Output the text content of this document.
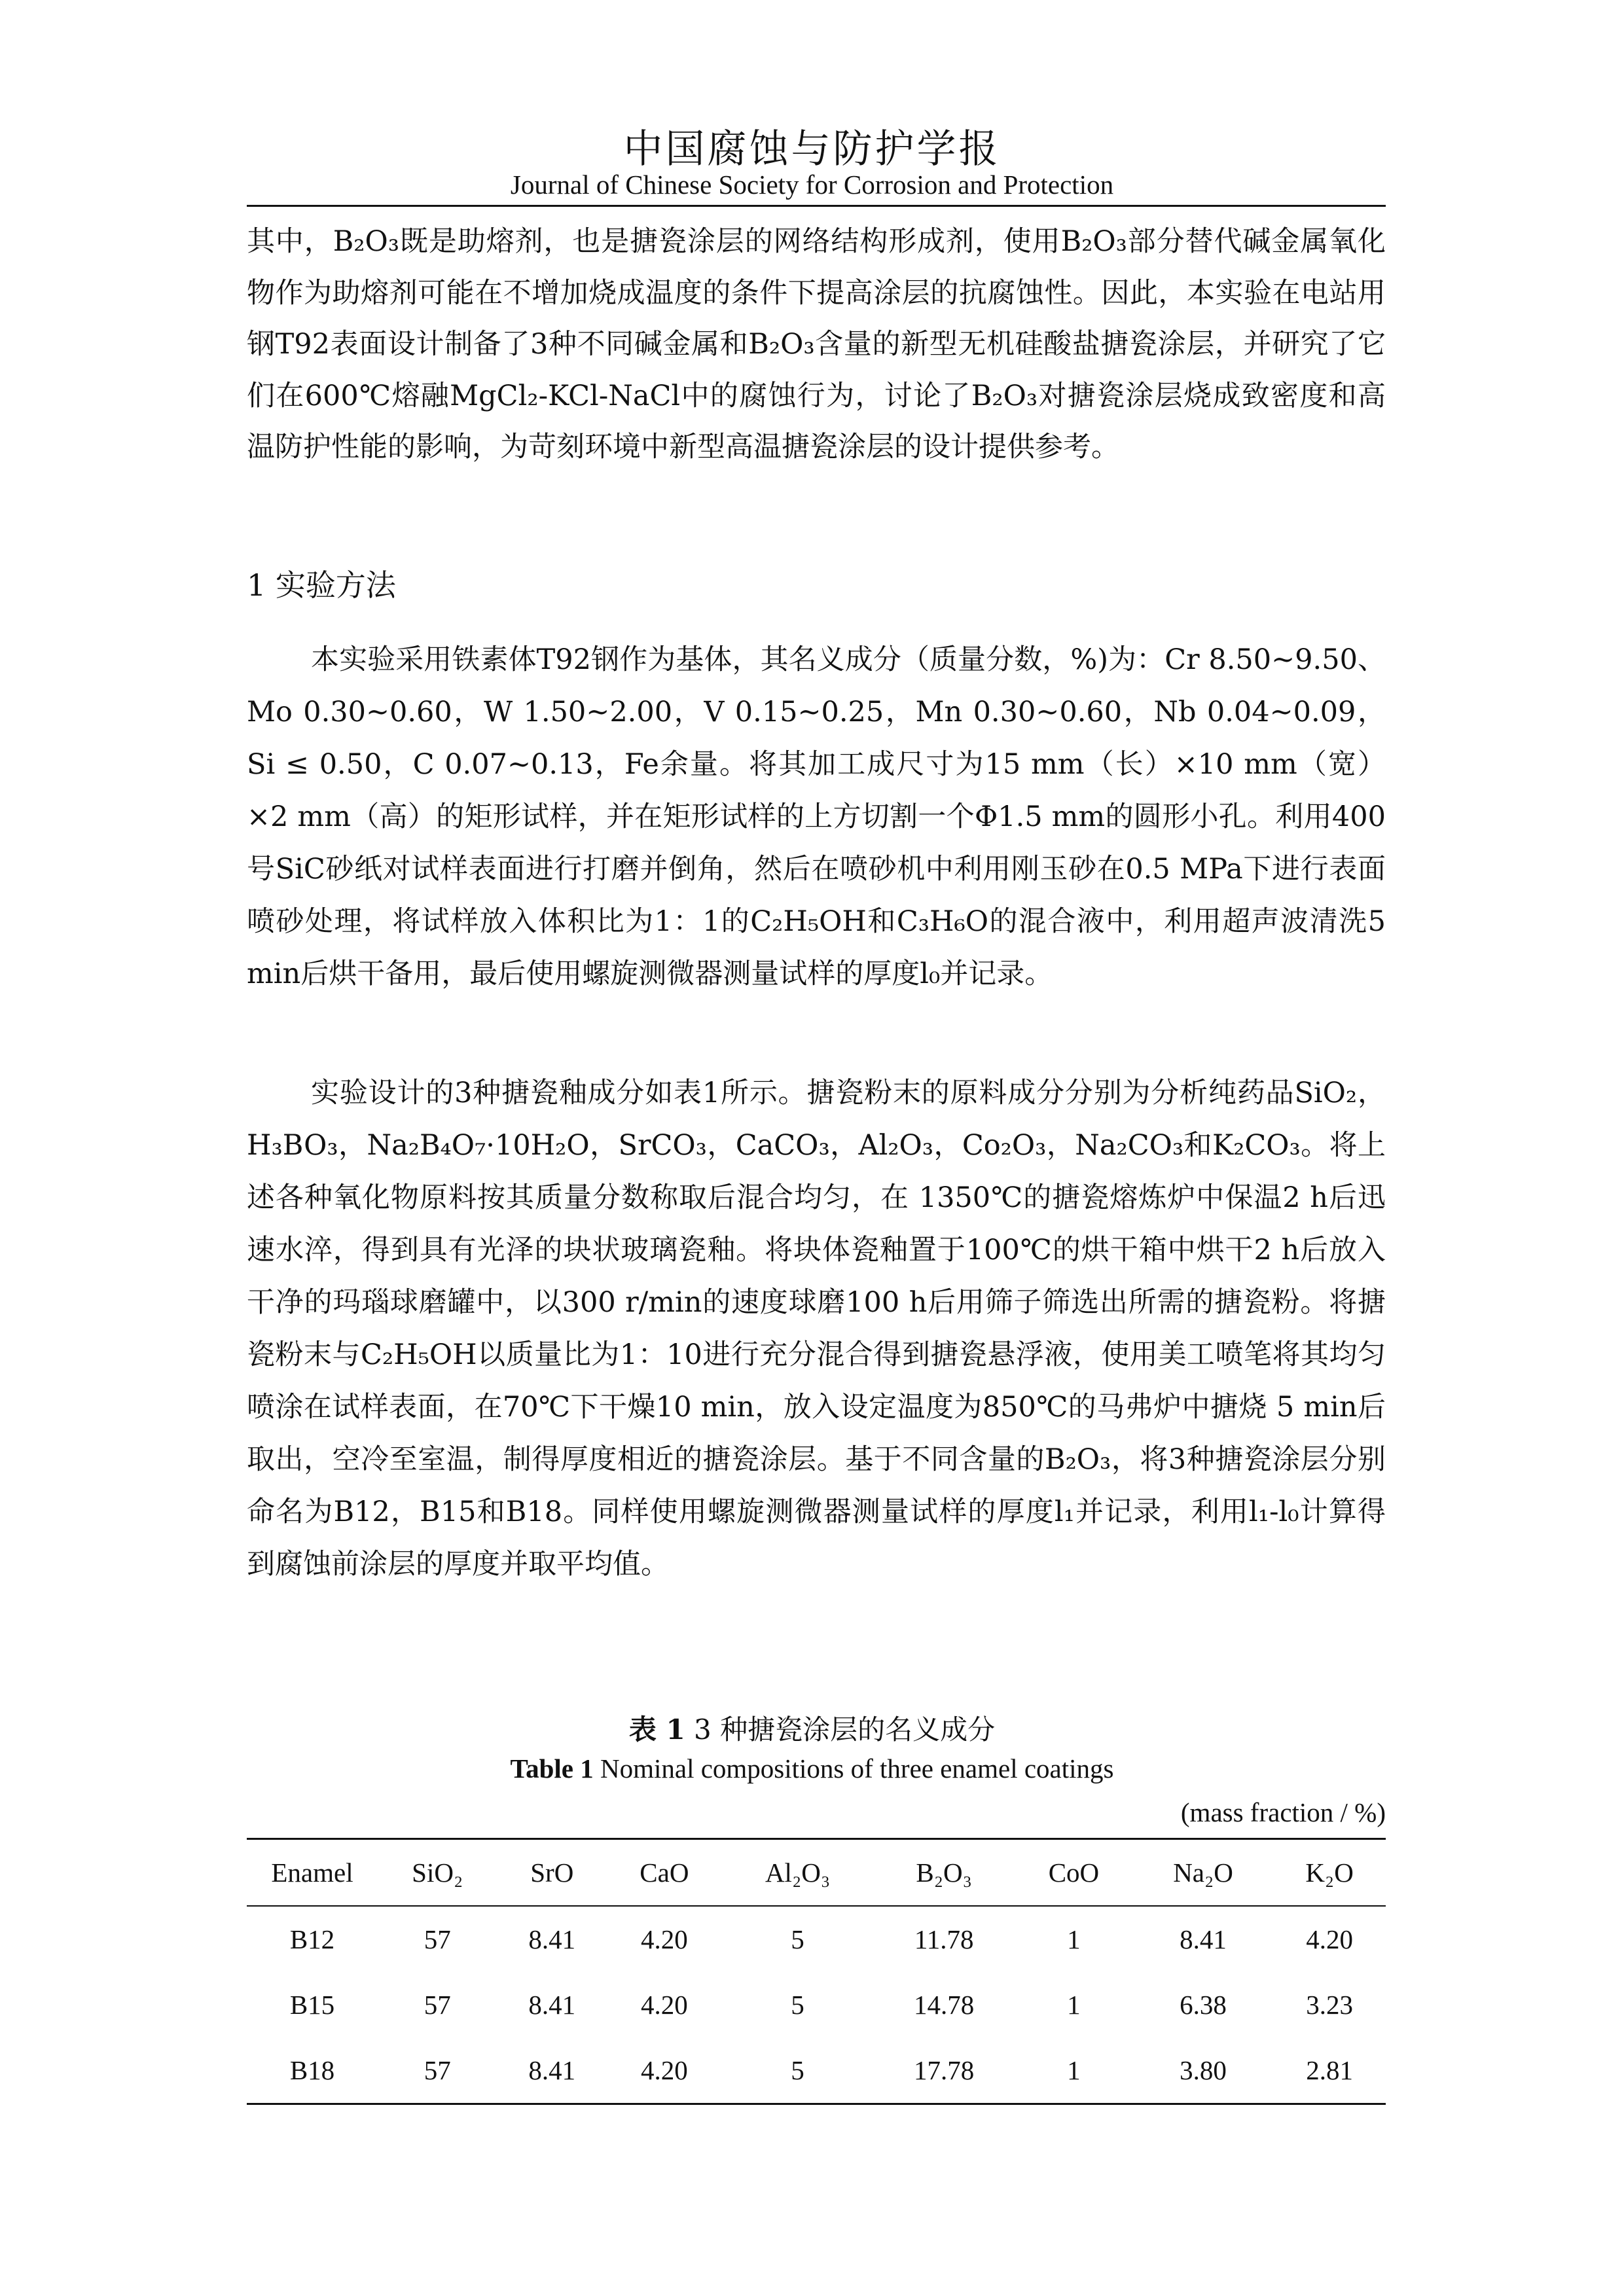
中国腐蚀与防护学报
Journal of Chinese Society for Corrosion and Protection

其中，B₂O₃既是助熔剂，也是搪瓷涂层的网络结构形成剂，使用B₂O₃部分替代碱金属氧化物作为助熔剂可能在不增加烧成温度的条件下提高涂层的抗腐蚀性。因此，本实验在电站用钢T92表面设计制备了3种不同碱金属和B₂O₃含量的新型无机硅酸盐搪瓷涂层，并研究了它们在600℃熔融MgCl₂-KCl-NaCl中的腐蚀行为，讨论了B₂O₃对搪瓷涂层烧成致密度和高温防护性能的影响，为苛刻环境中新型高温搪瓷涂层的设计提供参考。

1 实验方法

本实验采用铁素体T92钢作为基体，其名义成分（质量分数，%)为：Cr 8.50~9.50、Mo 0.30~0.60，W 1.50~2.00，V 0.15~0.25，Mn 0.30~0.60，Nb 0.04~0.09，Si ≤ 0.50，C 0.07~0.13，Fe余量。将其加工成尺寸为15 mm（长）×10 mm（宽）×2 mm（高）的矩形试样，并在矩形试样的上方切割一个Φ1.5 mm的圆形小孔。利用400号SiC砂纸对试样表面进行打磨并倒角，然后在喷砂机中利用刚玉砂在0.5 MPa下进行表面喷砂处理，将试样放入体积比为1：1的C₂H₅OH和C₃H₆O的混合液中，利用超声波清洗5 min后烘干备用，最后使用螺旋测微器测量试样的厚度l₀并记录。

实验设计的3种搪瓷釉成分如表1所示。搪瓷粉末的原料成分分别为分析纯药品SiO₂，H₃BO₃，Na₂B₄O₇·10H₂O，SrCO₃，CaCO₃，Al₂O₃，Co₂O₃，Na₂CO₃和K₂CO₃。将上述各种氧化物原料按其质量分数称取后混合均匀，在 1350℃的搪瓷熔炼炉中保温2 h后迅速水淬，得到具有光泽的块状玻璃瓷釉。将块体瓷釉置于100℃的烘干箱中烘干2 h后放入干净的玛瑙球磨罐中，以300 r/min的速度球磨100 h后用筛子筛选出所需的搪瓷粉。将搪瓷粉末与C₂H₅OH以质量比为1：10进行充分混合得到搪瓷悬浮液，使用美工喷笔将其均匀喷涂在试样表面，在70℃下干燥10 min，放入设定温度为850℃的马弗炉中搪烧 5 min后取出，空冷至室温，制得厚度相近的搪瓷涂层。基于不同含量的B₂O₃，将3种搪瓷涂层分别命名为B12，B15和B18。同样使用螺旋测微器测量试样的厚度l₁并记录，利用l₁-l₀计算得到腐蚀前涂层的厚度并取平均值。

表 1 3 种搪瓷涂层的名义成分
Table 1 Nominal compositions of three enamel coatings
(mass fraction / %)
Enamel	SiO₂	SrO	CaO	Al₂O₃	B₂O₃	CoO	Na₂O	K₂O
B12	57	8.41	4.20	5	11.78	1	8.41	4.20
B15	57	8.41	4.20	5	14.78	1	6.38	3.23
B18	57	8.41	4.20	5	17.78	1	3.80	2.81
